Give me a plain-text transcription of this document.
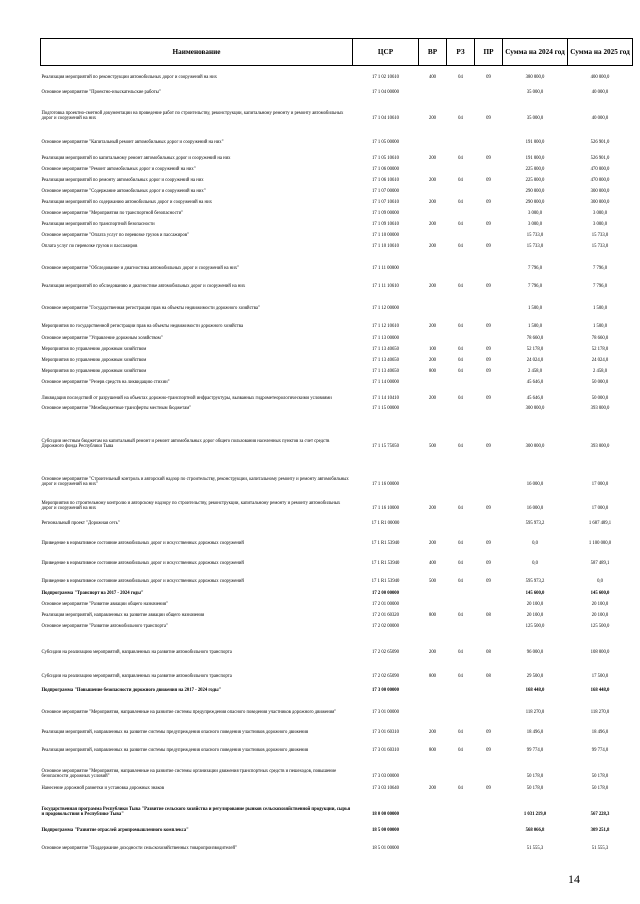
Наименование	ЦСР	ВР	РЗ	ПР	Сумма на 2024 год	Сумма на 2025 год
Реализация мероприятий по реконструкции автомобильных дорог и сооружений на них	17 1 02 10610	400	04	09	380 000,0	400 000,0
Основное мероприятие "Проектно-изыскательские работы"	17 1 04 00000				35 000,0	40 000,0
Подготовка проектно-сметной документации на проведение работ по строительству, реконструкции, капитальному ремонту и ремонту автомобильных дорог и сооружений на них	17 1 04 10610	200	04	09	35 000,0	40 000,0
Основное мероприятие "Капитальный ремонт автомобильных дорог и сооружений на них"	17 1 05 00000				191 000,0	526 901,0
Реализация мероприятий по капитальному ремонт автомобильных дорог и сооружений на них	17 1 05 10610	200	04	09	191 000,0	526 901,0
Основное мероприятие "Ремонт автомобильных дорог и сооружений на них"	17 1 06 00000				225 000,0	470 000,0
Реализация мероприятий по ремонту автомобильных дорог и сооружений на них	17 1 06 10610	200	04	09	225 000,0	470 000,0
Основное мероприятие "Содержание автомобильных дорог и сооружений на них"	17 1 07 00000				290 000,0	300 000,0
Реализация мероприятий по содержанию автомобильных дорог и сооружений на них	17 1 07 10610	200	04	09	290 000,0	300 000,0
Основное мероприятие "Мероприятия по транспортной безопасности"	17 1 09 00000				3 000,0	3 000,0
Реализация мероприятий по транспортной безопасности	17 1 09 10610	200	04	09	3 000,0	3 000,0
Основное мероприятие "Оплата услуг по перевозке грузов и пассажиров"	17 1 10 00000				15 733,0	15 733,0
Оплата услуг по перевозке грузов и пассажиров	17 1 10 10610	200	04	09	15 733,0	15 733,0
Основное мероприятие "Обследование и диагностика автомобильных дорог и сооружений на них"	17 1 11 00000				7 796,0	7 796,0
Реализация мероприятий по обследованию и диагностике автомобильных дорог и сооружений на них	17 1 11 10610	200	04	09	7 796,0	7 796,0
Основное мероприятие "Государственная регистрация прав на объекты недвижимости дорожного хозяйства"	17 1 12 00000				1 500,0	1 500,0
Мероприятия по государственной регистрации прав на объекты недвижимости дорожного хозяйства	17 1 12 10610	200	04	09	1 500,0	1 500,0
Основное мероприятие "Управление дорожным хозяйством"	17 1 13 00000				78 660,0	78 660,0
Мероприятия по управлению дорожным хозяйством	17 1 13 40650	100	04	09	52 178,0	52 178,0
Мероприятия по управлению дорожным хозяйством	17 1 13 40650	200	04	09	24 024,0	24 024,0
Мероприятия по управлению дорожным хозяйством	17 1 13 40650	800	04	09	2 458,0	2 458,0
Основное мероприятие "Резерв средств на ликвидацию стихии"	17 1 14 00000				45 646,0	50 000,0
Ликвидация последствий от разрушений на объектах дорожно-транспортной инфраструктуры, вызванных гидрометеорологическими условиями	17 1 14 10410	200	04	09	45 646,0	50 000,0
Основное мероприятие "Межбюджетные трансферты местным бюджетам"	17 1 15 00000				300 000,0	393 000,0
Субсидии местным бюджетам на капитальный ремонт и ремонт автомобильных дорог общего пользования населенных пунктов за счет средств Дорожного фонда Республики Тыва	17 1 15 75050	500	04	09	300 000,0	393 000,0
Основное мероприятие "Строительный контроль и авторский надзор по строительству, реконструкции, капитальному ремонту и ремонту автомобильных дорог и сооружений на них"	17 1 16 00000				16 000,0	17 000,0
Мероприятия по строительному контролю и авторскому надзору по строительству, реконструкции, капитальному ремонту и ремонту автомобильных дорог и сооружений на них	17 1 16 10000	200	04	09	16 000,0	17 000,0
Региональный проект "Дорожная сеть"	17 1 R1 00000				595 973,2	1 687 489,1
Приведение в нормативное состояние автомобильных дорог и искусственных дорожных сооружений	17 1 R1 53940	200	04	09	0,0	1 100 000,0
Приведение в нормативное состояние автомобильных дорог и искусственных дорожных сооружений	17 1 R1 53940	400	04	09	0,0	587 489,1
Приведение в нормативное состояние автомобильных дорог и искусственных дорожных сооружений	17 1 R1 53940	500	04	09	595 973,2	0,0
Подпрограмма "Транспорт на 2017 - 2024 годы"	17 2 00 00000				145 600,0	145 600,0
Основное мероприятие "Развитие авиации общего назначения"	17 2 01 00000				20 100,0	20 100,0
Реализация мероприятий, направленных на развитие авиации общего назначения	17 2 01 60320	800	04	08	20 100,0	20 100,0
Основное мероприятие "Развитие автомобильного транспорта"	17 2 02 00000				125 500,0	125 500,0
Субсидии на реализацию мероприятий, направленных на развитие автомобильного транспорта	17 2 02 65090	200	04	08	96 000,0	108 000,0
Субсидии на реализацию мероприятий, направленных на развитие автомобильного транспорта	17 2 02 65090	800	04	08	29 500,0	17 500,0
Подпрограмма "Повышение безопасности дорожного движения на 2017 - 2024 годы"	17 3 00 00000				168 448,0	168 448,0
Основное мероприятие "Мероприятия, направленные на развитие системы предупреждения опасного поведения участников дорожного движения"	17 3 01 00000				118 270,0	118 270,0
Реализация мероприятий, направленных на развитие системы предупреждения опасного поведения участников дорожного движения	17 3 01 60310	200	04	09	18 496,0	18 496,0
Реализация мероприятий, направленных на развитие системы предупреждения опасного поведения участников дорожного движения	17 3 01 60310	800	04	09	99 774,0	99 774,0
Основное мероприятие "Мероприятия, направленные на развитие системы организации движения транспортных средств и пешеходов, повышение безопасности дорожных условий"	17 3 03 00000				50 178,0	50 178,0
Нанесение дорожной разметки и установка дорожных знаков	17 3 03 10640	200	04	09	50 178,0	50 178,0
Государственная программа Республики Тыва "Развитие сельского хозяйства и регулирование рынков сельскохозяйственной продукции, сырья и продовольствия в Республике Тыва"	18 0 00 00000				1 031 219,0	567 228,3
Подпрограмма "Развитие отраслей агропромышленного комплекса"	18 5 00 00000				568 066,8	309 251,8
Основное мероприятие "Поддержание доходности сельскохозяйственных товаропроизводителей"	18 5 01 00000				51 555,3	51 555,3
14
